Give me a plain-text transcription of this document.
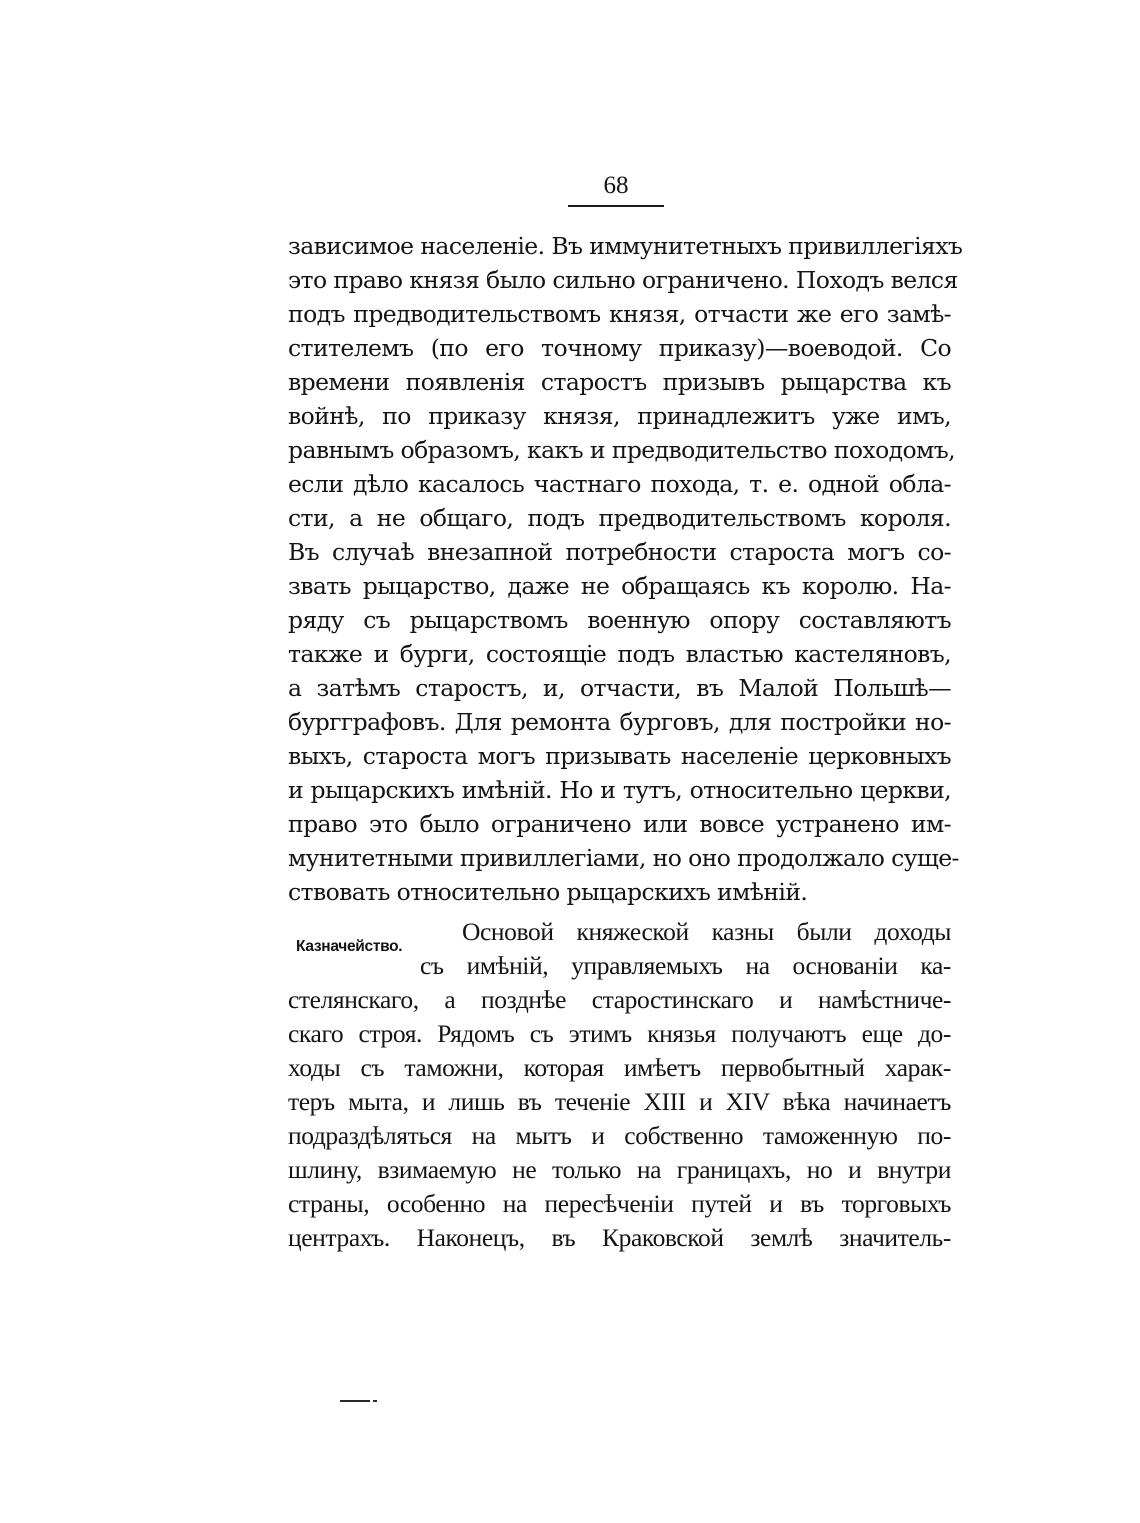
68
зависимое населеніе. Въ иммунитетныхъ привиллегіяхъ
это право князя было сильно ограничено. Походъ велся
подъ предводительствомъ князя, отчасти же его замѣ-
стителемъ (по его точному приказу)—воеводой. Со
времени появленія старостъ призывъ рыцарства къ
войнѣ, по приказу князя, принадлежитъ уже имъ,
равнымъ образомъ, какъ и предводительство походомъ,
если дѣло касалось частнаго похода, т. е. одной обла-
сти, а не общаго, подъ предводительствомъ короля.
Въ случаѣ внезапной потребности староста могъ со-
звать рыцарство, даже не обращаясь къ королю. На-
ряду съ рыцарствомъ военную опору составляютъ
также и бурги, состоящіе подъ властью кастеляновъ,
а затѣмъ старостъ, и, отчасти, въ Малой Польшѣ—
бургграфовъ. Для ремонта бурговъ, для постройки но-
выхъ, староста могъ призывать населеніе церковныхъ
и рыцарскихъ имѣній. Но и тутъ, относительно церкви,
право это было ограничено или вовсе устранено им-
мунитетными привиллегіами, но оно продолжало суще-
ствовать относительно рыцарскихъ имѣній.
Казначейство.
Основой княжеской казны были доходы
съ имѣній, управляемыхъ на основаніи ка-
стелянскаго, а позднѣе старостинскаго и намѣстниче-
скаго строя. Рядомъ съ этимъ князья получаютъ еще до-
ходы съ таможни, которая имѣетъ первобытный харак-
теръ мыта, и лишь въ теченіе XIII и XIV вѣка начинаетъ
подраздѣляться на мытъ и собственно таможенную по-
шлину, взимаемую не только на границахъ, но и внутри
страны, особенно на пересѣченіи путей и въ торговыхъ
центрахъ. Наконецъ, въ Краковской землѣ значитель-
